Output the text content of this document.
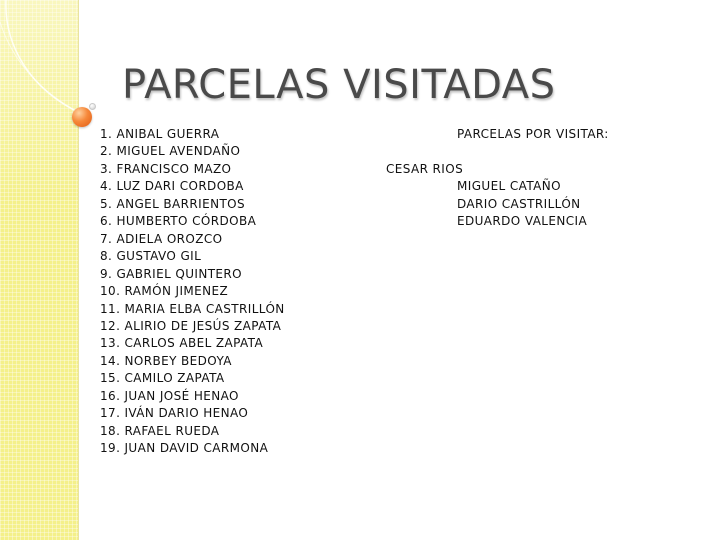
PARCELAS VISITADAS
1. ANIBAL GUERRA
2. MIGUEL AVENDAÑO
3. FRANCISCO MAZO
4. LUZ DARI CORDOBA
5. ANGEL BARRIENTOS
6. HUMBERTO CÓRDOBA
7. ADIELA OROZCO
8. GUSTAVO GIL
9. GABRIEL QUINTERO
10. RAMÓN JIMENEZ
11. MARIA ELBA CASTRILLÓN
12. ALIRIO DE JESÚS ZAPATA
13. CARLOS ABEL ZAPATA
14. NORBEY BEDOYA
15. CAMILO ZAPATA
16. JUAN JOSÉ HENAO
17. IVÁN DARIO HENAO
18. RAFAEL RUEDA
19. JUAN DAVID CARMONA
PARCELAS POR VISITAR:
CESAR RIOS
MIGUEL CATAÑO
DARIO CASTRILLÓN
EDUARDO VALENCIA
